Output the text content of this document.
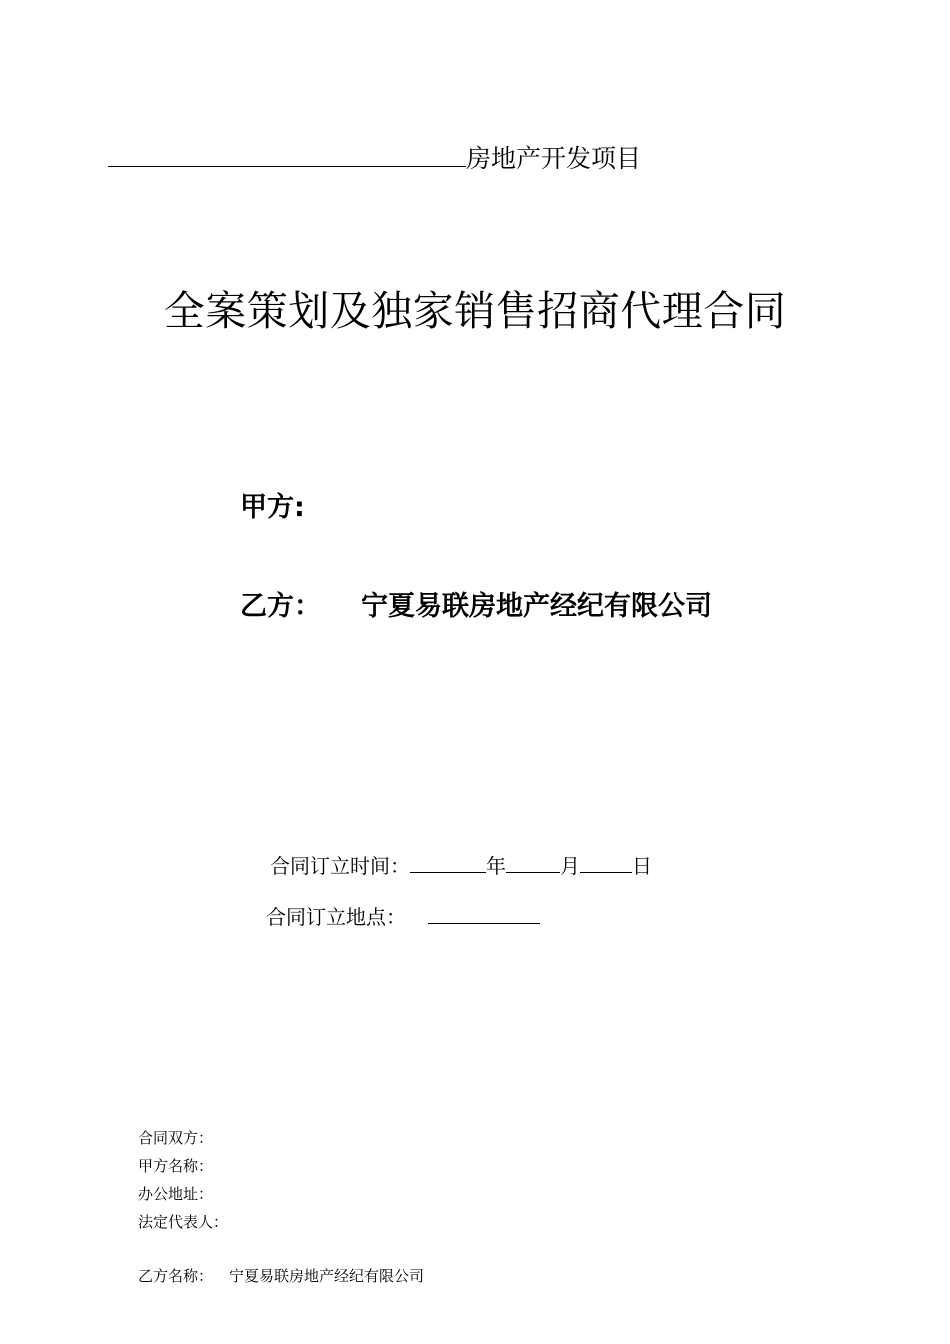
房地产开发项目
全案策划及独家销售招商代理合同
甲方:
乙方： 宁夏易联房地产经纪有限公司
合同订立时间：	年	月	日
合同订立地点：
合同双方：
甲方名称：
办公地址：
法定代表人：
乙方名称： 宁夏易联房地产经纪有限公司
